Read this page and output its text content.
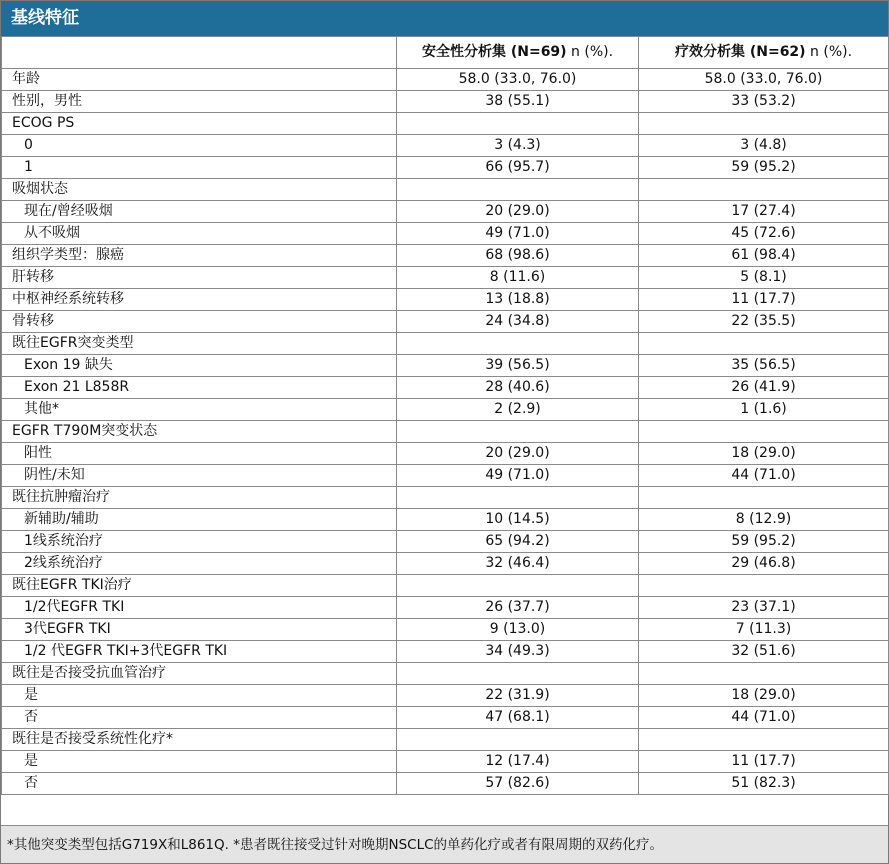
基线特征
	安全性分析集 (N=69) n (%).	疗效分析集 (N=62) n (%).
年龄	58.0 (33.0, 76.0)	58.0 (33.0, 76.0)
性别，男性	38 (55.1)	33 (53.2)
ECOG PS		
0	3 (4.3)	3 (4.8)
1	66 (95.7)	59 (95.2)
吸烟状态		
现在/曾经吸烟	20 (29.0)	17 (27.4)
从不吸烟	49 (71.0)	45 (72.6)
组织学类型：腺癌	68 (98.6)	61 (98.4)
肝转移	8 (11.6)	5 (8.1)
中枢神经系统转移	13 (18.8)	11 (17.7)
骨转移	24 (34.8)	22 (35.5)
既往EGFR突变类型		
Exon 19 缺失	39 (56.5)	35 (56.5)
Exon 21 L858R	28 (40.6)	26 (41.9)
其他*	2 (2.9)	1 (1.6)
EGFR T790M突变状态		
阳性	20 (29.0)	18 (29.0)
阴性/未知	49 (71.0)	44 (71.0)
既往抗肿瘤治疗		
新辅助/辅助	10 (14.5)	8 (12.9)
1线系统治疗	65 (94.2)	59 (95.2)
2线系统治疗	32 (46.4)	29 (46.8)
既往EGFR TKI治疗		
1/2代EGFR TKI	26 (37.7)	23 (37.1)
3代EGFR TKI	9 (13.0)	7 (11.3)
1/2 代EGFR TKI+3代EGFR TKI	34 (49.3)	32 (51.6)
既往是否接受抗血管治疗		
是	22 (31.9)	18 (29.0)
否	47 (68.1)	44 (71.0)
既往是否接受系统性化疗*		
是	12 (17.4)	11 (17.7)
否	57 (82.6)	51 (82.3)
*其他突变类型包括G719X和L861Q. *患者既往接受过针对晚期NSCLC的单药化疗或者有限周期的双药化疗。
